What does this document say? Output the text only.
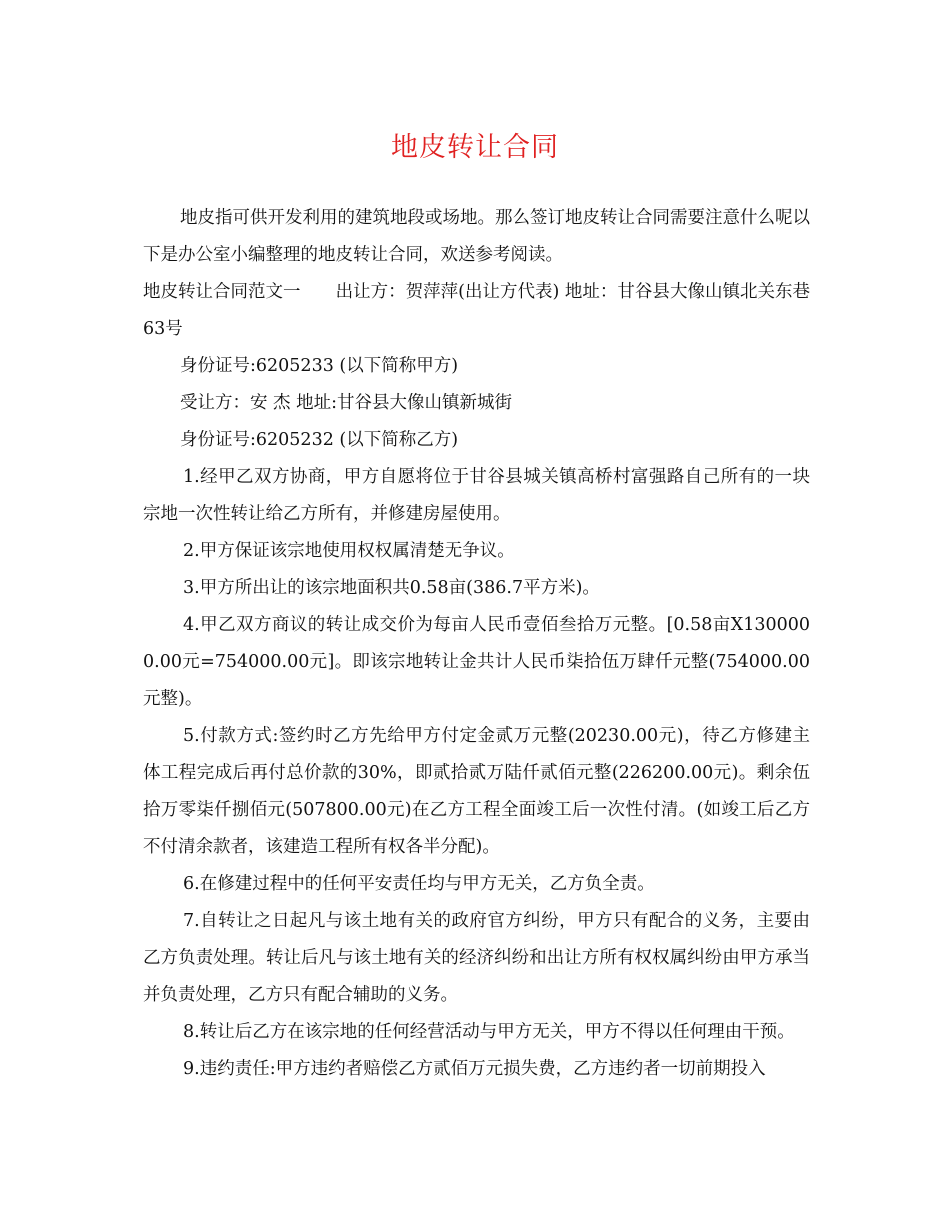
地皮转让合同

地皮指可供开发利用的建筑地段或场地。那么签订地皮转让合同需要注意什么呢以下是办公室小编整理的地皮转让合同，欢送参考阅读。

地皮转让合同范文一　　出让方：贺萍萍(出让方代表) 地址：甘谷县大像山镇北关东巷63号

身份证号:6205233 (以下简称甲方)

受让方：安 杰 地址:甘谷县大像山镇新城街

身份证号:6205232 (以下简称乙方)

1.经甲乙双方协商，甲方自愿将位于甘谷县城关镇高桥村富强路自己所有的一块宗地一次性转让给乙方所有，并修建房屋使用。

2.甲方保证该宗地使用权权属清楚无争议。

3.甲方所出让的该宗地面积共0.58亩(386.7平方米)。

4.甲乙双方商议的转让成交价为每亩人民币壹佰叁拾万元整。[0.58亩X1300000.00元=754000.00元]。即该宗地转让金共计人民币柒拾伍万肆仟元整(754000.00元整)。

5.付款方式:签约时乙方先给甲方付定金贰万元整(20230.00元)，待乙方修建主体工程完成后再付总价款的30%，即贰拾贰万陆仟贰佰元整(226200.00元)。剩余伍拾万零柒仟捌佰元(507800.00元)在乙方工程全面竣工后一次性付清。(如竣工后乙方不付清余款者，该建造工程所有权各半分配)。

6.在修建过程中的任何平安责任均与甲方无关，乙方负全责。

7.自转让之日起凡与该土地有关的政府官方纠纷，甲方只有配合的义务，主要由乙方负责处理。转让后凡与该土地有关的经济纠纷和出让方所有权权属纠纷由甲方承当并负责处理，乙方只有配合辅助的义务。

8.转让后乙方在该宗地的任何经营活动与甲方无关，甲方不得以任何理由干预。

9.违约责任:甲方违约者赔偿乙方贰佰万元损失费，乙方违约者一切前期投入
